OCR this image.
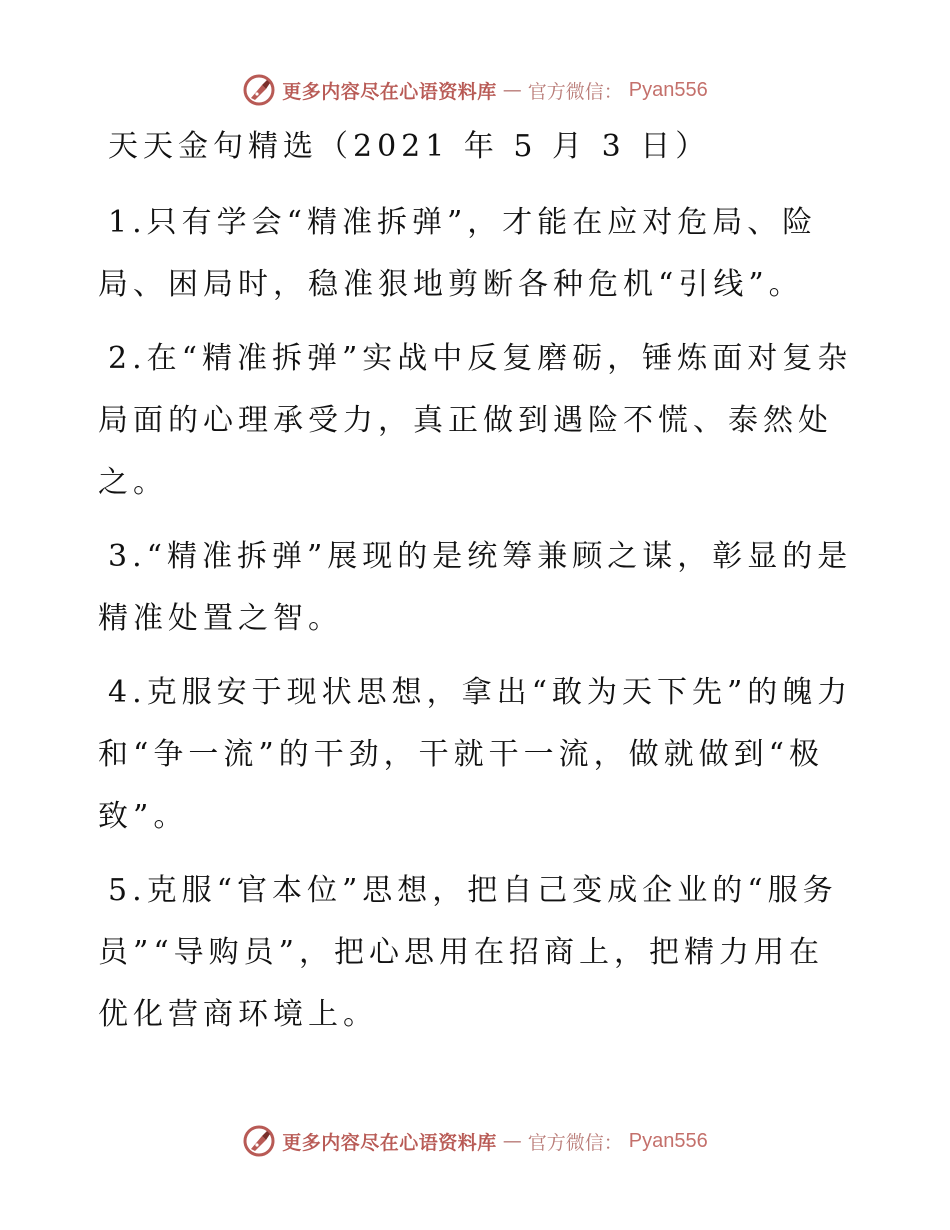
更多内容尽在心语资料库 — 官方微信： Pyan556
天天金句精选（2021 年 5 月 3 日）

1.只有学会“精准拆弹”，才能在应对危局、险局、困局时，稳准狠地剪断各种危机“引线”。

2.在“精准拆弹”实战中反复磨砺，锤炼面对复杂局面的心理承受力，真正做到遇险不慌、泰然处之。

3.“精准拆弹”展现的是统筹兼顾之谋，彰显的是精准处置之智。

4.克服安于现状思想，拿出“敢为天下先”的魄力和“争一流”的干劲，干就干一流，做就做到“极致”。

5.克服“官本位”思想，把自己变成企业的“服务员”“导购员”，把心思用在招商上，把精力用在优化营商环境上。

更多内容尽在心语资料库 — 官方微信： Pyan556
